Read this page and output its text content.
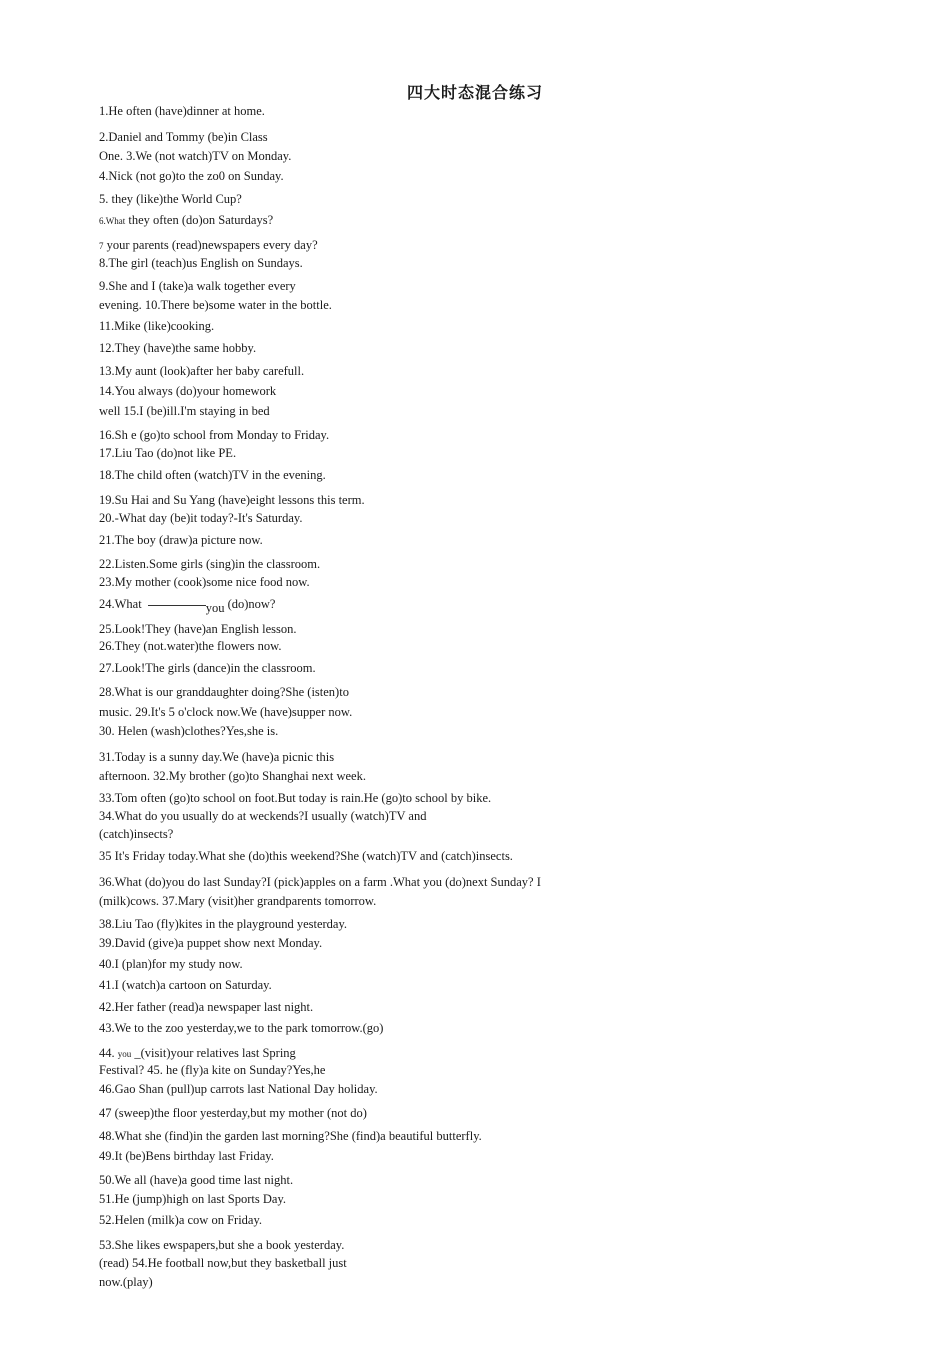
四大时态混合练习
1.He often (have)dinner at home.
2.Daniel and Tommy (be)in Class
One. 3.We (not watch)TV on Monday.
4.Nick (not go)to the zo0 on Sunday.
5. they (like)the World Cup?
6.What they often (do)on Saturdays?
7 your parents (read)newspapers every day?
8.The girl (teach)us English on Sundays.
9.She and I (take)a walk together every
evening. 10.There be)some water in the bottle.
11.Mike (like)cooking.
12.They (have)the same hobby.
13.My aunt (look)after her baby carefull.
14.You always (do)your homework
well 15.I (be)ill.I'm staying in bed
16.Sh e (go)to school from Monday to Friday.
17.Liu Tao (do)not like PE.
18.The child often (watch)TV in the evening.
19.Su Hai and Su Yang (have)eight lessons this term.
20.-What day (be)it today?-It's Saturday.
21.The boy (draw)a picture now.
22.Listen.Some girls (sing)in the classroom.
23.My mother (cook)some nice food now.
24.What	you (do)now?
25.Look!They (have)an English lesson.
26.They (not.water)the flowers now.
27.Look!The girls (dance)in the classroom.
28.What is our granddaughter doing?She (isten)to
music. 29.It's 5 o'clock now.We (have)supper now.
30. Helen (wash)clothes?Yes,she is.
31.Today is a sunny day.We (have)a picnic this
afternoon. 32.My brother (go)to Shanghai next week.
33.Tom often (go)to school on foot.But today is rain.He (go)to school by bike.
34.What do you usually do at weckends?I usually (watch)TV and
(catch)insects?
35 It's Friday today.What she (do)this weekend?She (watch)TV and (catch)insects.
36.What (do)you do last Sunday?I (pick)apples on a farm .What you (do)next Sunday? I
(milk)cows. 37.Mary (visit)her grandparents tomorrow.
38.Liu Tao (fly)kites in the playground yesterday.
39.David (give)a puppet show next Monday.
40.I (plan)for my study now.
41.I (watch)a cartoon on Saturday.
42.Her father (read)a newspaper last night.
43.We to the zoo yesterday,we to the park tomorrow.(go)
44. you _(visit)your relatives last Spring
Festival? 45. he (fly)a kite on Sunday?Yes,he
46.Gao Shan (pull)up carrots last National Day holiday.
47 (sweep)the floor yesterday,but my mother (not do)
48.What she (find)in the garden last morning?She (find)a beautiful butterfly.
49.It (be)Bens birthday last Friday.
50.We all (have)a good time last night.
51.He (jump)high on last Sports Day.
52.Helen (milk)a cow on Friday.
53.She likes ewspapers,but she a book yesterday.
(read) 54.He football now,but they basketball just
now.(play)
